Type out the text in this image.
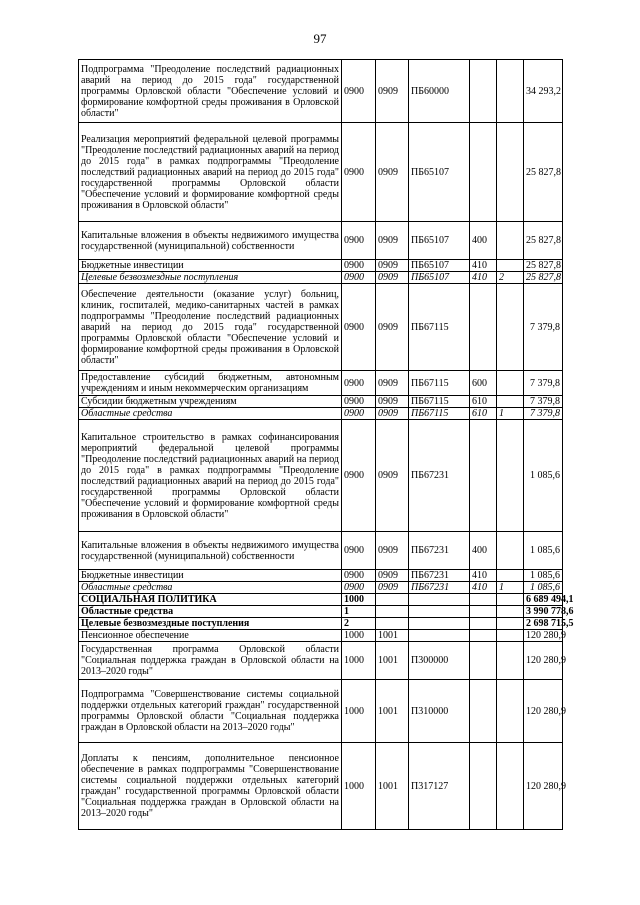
97
Подпрограмма "Преодоление последствий радиационных аварий на период до 2015 года" государственной программы Орловской области "Обеспечение условий и формирование комфортной среды проживания в Орловской области"	0900	0909	ПБ60000			34 293,2
Реализация мероприятий федеральной целевой программы "Преодоление последствий радиационных аварий на период до 2015 года" в рамках подпрограммы "Преодоление последствий радиационных аварий на период до 2015 года" государственной программы Орловской области "Обеспечение условий и формирование комфортной среды проживания в Орловской области"	0900	0909	ПБ65107			25 827,8
Капитальные вложения в объекты недвижимого имущества государственной (муниципальной) собственности	0900	0909	ПБ65107	400		25 827,8
Бюджетные инвестиции	0900	0909	ПБ65107	410		25 827,8
Целевые безвозмездные поступления	0900	0909	ПБ65107	410	2	25 827,8
Обеспечение деятельности (оказание услуг) больниц, клиник, госпиталей, медико-санитарных частей в рамках подпрограммы "Преодоление последствий радиационных аварий на период до 2015 года" государственной программы Орловской области "Обеспечение условий и формирование комфортной среды проживания в Орловской области"	0900	0909	ПБ67115			7 379,8
Предоставление субсидий бюджетным, автономным учреждениям и иным некоммерческим организациям	0900	0909	ПБ67115	600		7 379,8
Субсидии бюджетным учреждениям	0900	0909	ПБ67115	610		7 379,8
Областные средства	0900	0909	ПБ67115	610	1	7 379,8
Капитальное строительство в рамках софинансирования мероприятий федеральной целевой программы "Преодоление последствий радиационных аварий на период до 2015 года" в рамках подпрограммы "Преодоление последствий радиационных аварий на период до 2015 года" государственной программы Орловской области "Обеспечение условий и формирование комфортной среды проживания в Орловской области"	0900	0909	ПБ67231			1 085,6
Капитальные вложения в объекты недвижимого имущества государственной (муниципальной) собственности	0900	0909	ПБ67231	400		1 085,6
Бюджетные инвестиции	0900	0909	ПБ67231	410		1 085,6
Областные средства	0900	0909	ПБ67231	410	1	1 085,6
СОЦИАЛЬНАЯ ПОЛИТИКА	1000					6 689 494,1
Областные средства	1					3 990 778,6
Целевые безвозмездные поступления	2					2 698 715,5
Пенсионное обеспечение	1000	1001				120 280,9
Государственная программа Орловской области "Социальная поддержка граждан в Орловской области на 2013–2020 годы"	1000	1001	П300000			120 280,9
Подпрограмма "Совершенствование системы социальной поддержки отдельных категорий граждан" государственной программы Орловской области "Социальная поддержка граждан в Орловской области на 2013–2020 годы"	1000	1001	П310000			120 280,9
Доплаты к пенсиям, дополнительное пенсионное обеспечение в рамках подпрограммы "Совершенствование системы социальной поддержки отдельных категорий граждан" государственной программы Орловской области "Социальная поддержка граждан в Орловской области на 2013–2020 годы"	1000	1001	П317127			120 280,9
